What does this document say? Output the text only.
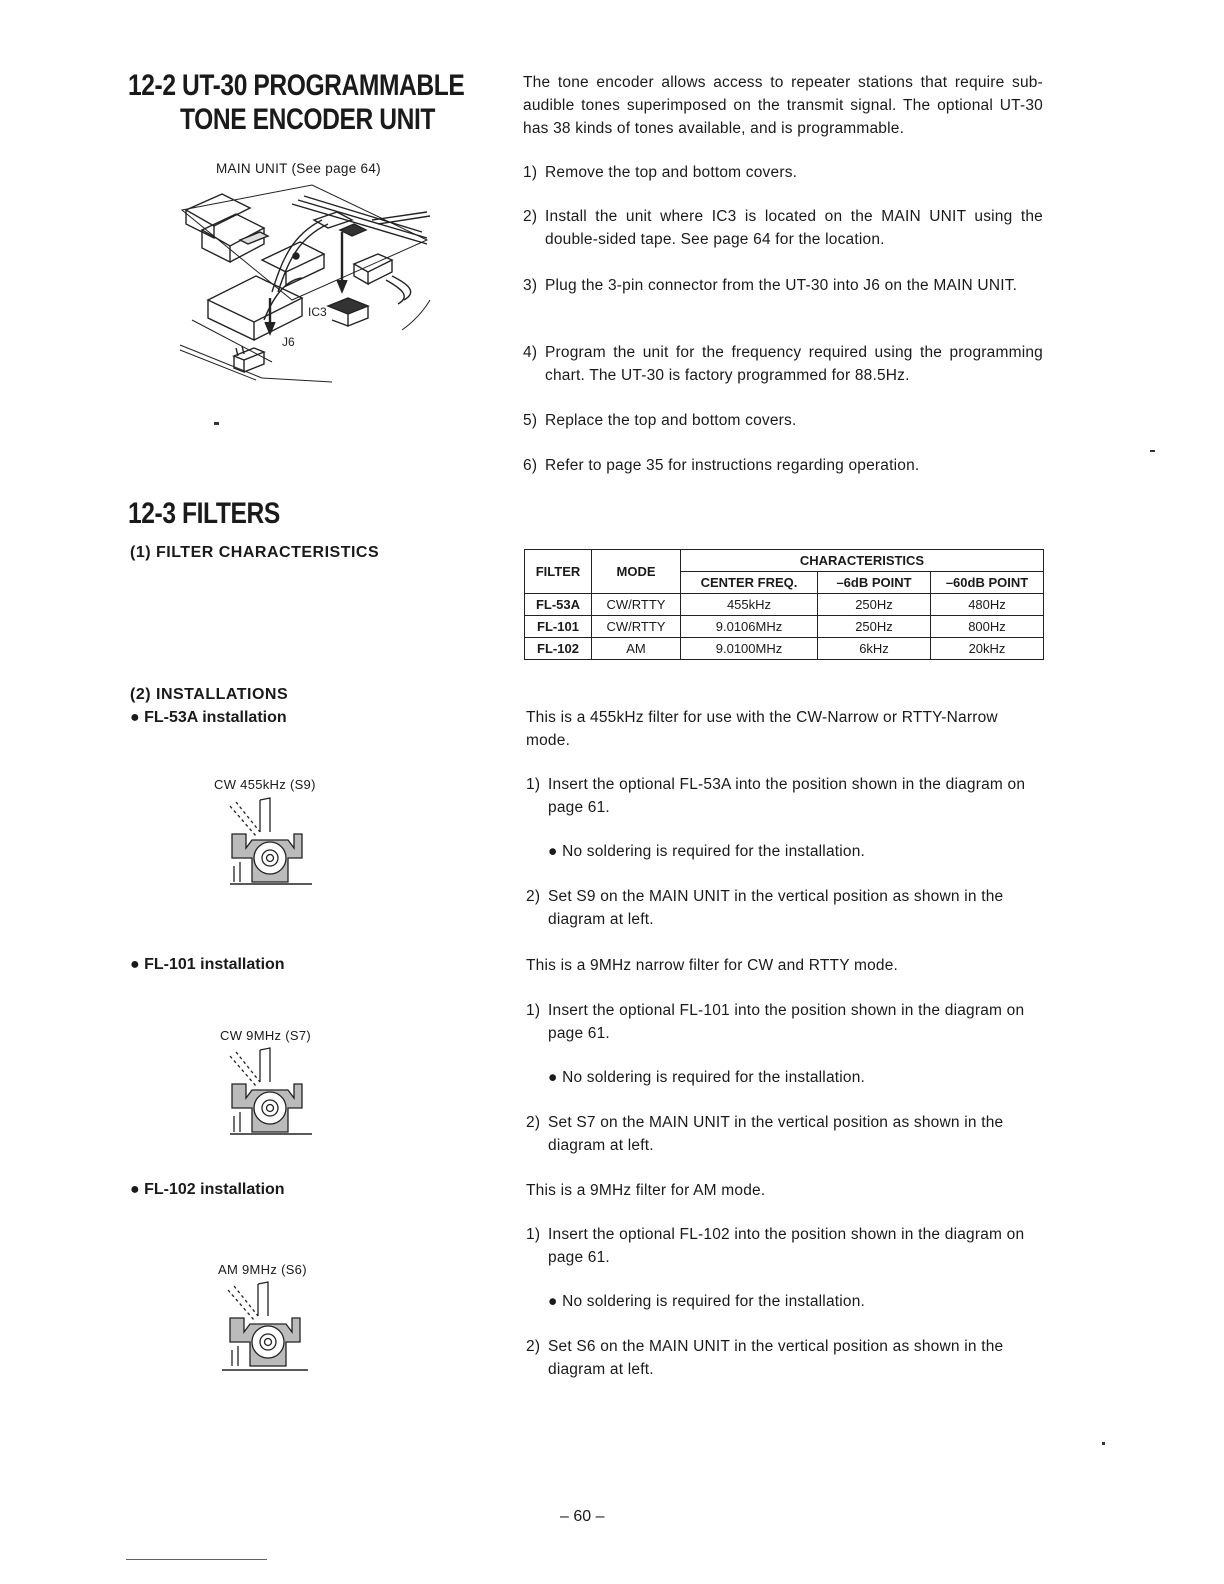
12-2 UT-30 PROGRAMMABLE
TONE ENCODER UNIT
MAIN UNIT (See page 64)
IC3
J6
The tone encoder allows access to repeater stations that require sub-audible tones superimposed on the transmit signal. The optional UT-30 has 38 kinds of tones available, and is programmable.
1) Remove the top and bottom covers.
2) Install the unit where IC3 is located on the MAIN UNIT using the double-sided tape. See page 64 for the location.
3) Plug the 3-pin connector from the UT-30 into J6 on the MAIN UNIT.
4) Program the unit for the frequency required using the programming chart. The UT-30 is factory programmed for 88.5Hz.
5) Replace the top and bottom covers.
6) Refer to page 35 for instructions regarding operation.
12-3 FILTERS
(1) FILTER CHARACTERISTICS
FILTER	MODE	CHARACTERISTICS		
		CENTER FREQ.	–6dB POINT	–60dB POINT
FL-53A	CW/RTTY	455kHz	250Hz	480Hz
FL-101	CW/RTTY	9.0106MHz	250Hz	800Hz
FL-102	AM	9.0100MHz	6kHz	20kHz
(2) INSTALLATIONS
● FL-53A installation
CW 455kHz (S9)
This is a 455kHz filter for use with the CW-Narrow or RTTY-Narrow mode.
1) Insert the optional FL-53A into the position shown in the diagram on page 61.
● No soldering is required for the installation.
2) Set S9 on the MAIN UNIT in the vertical position as shown in the diagram at left.
● FL-101 installation
CW 9MHz (S7)
This is a 9MHz narrow filter for CW and RTTY mode.
1) Insert the optional FL-101 into the position shown in the diagram on page 61.
● No soldering is required for the installation.
2) Set S7 on the MAIN UNIT in the vertical position as shown in the diagram at left.
● FL-102 installation
AM 9MHz (S6)
This is a 9MHz filter for AM mode.
1) Insert the optional FL-102 into the position shown in the diagram on page 61.
● No soldering is required for the installation.
2) Set S6 on the MAIN UNIT in the vertical position as shown in the diagram at left.
– 60 –
